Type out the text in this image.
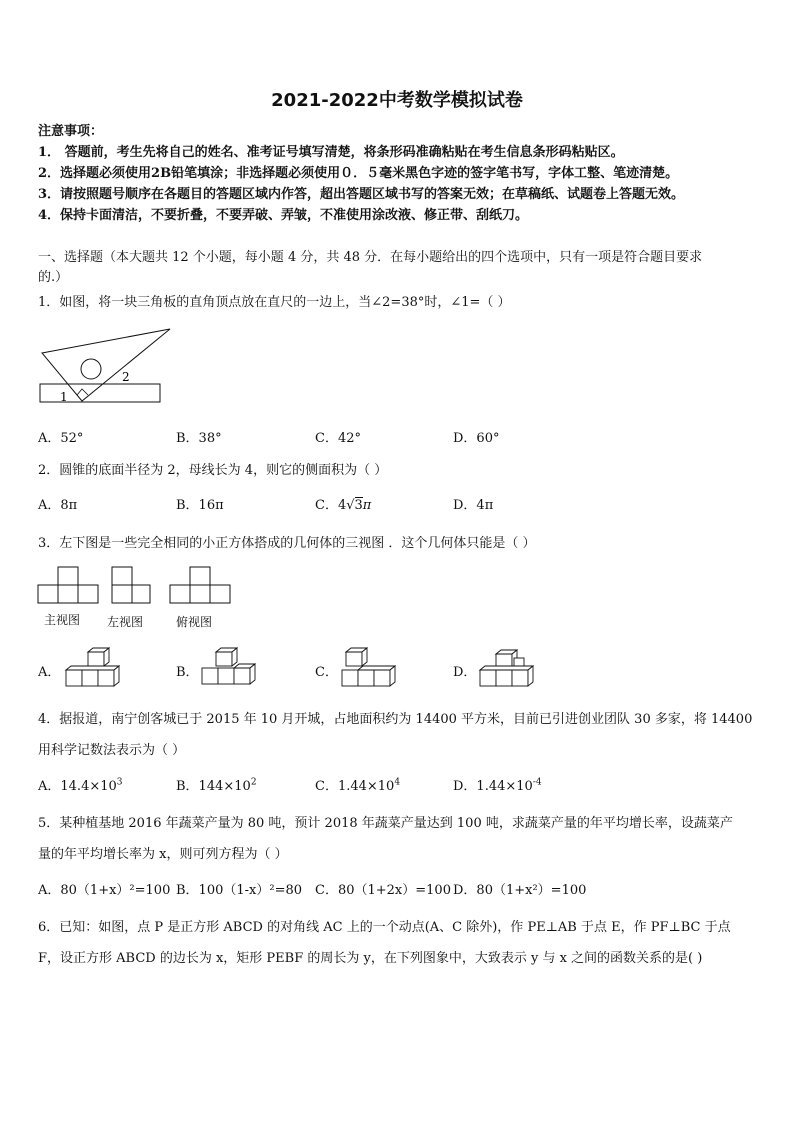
2021-2022中考数学模拟试卷
注意事项：
1． 答题前，考生先将自己的姓名、准考证号填写清楚，将条形码准确粘贴在考生信息条形码粘贴区。
2．选择题必须使用2B铅笔填涂；非选择题必须使用０．５毫米黑色字迹的签字笔书写，字体工整、笔迹清楚。
3．请按照题号顺序在各题目的答题区域内作答，超出答题区域书写的答案无效；在草稿纸、试题卷上答题无效。
4．保持卡面清洁，不要折叠，不要弄破、弄皱，不准使用涂改液、修正带、刮纸刀。
一、选择题（本大题共 12 个小题，每小题 4 分，共 48 分．在每小题给出的四个选项中，只有一项是符合题目要求
的.）
1．如图，将一块三角板的直角顶点放在直尺的一边上，当∠2=38°时，∠1=（ ）
1
2
A．52°	B．38°	C．42°	D．60°
2．圆锥的底面半径为 2，母线长为 4，则它的侧面积为（ ）
A．8π	B．16π	C．4√3π	D．4π
3．左下图是一些完全相同的小正方体搭成的几何体的三视图 ．这个几何体只能是（ ）
主视图 左视图	俯视图
A．	B．	C．	D．
4．据报道，南宁创客城已于 2015 年 10 月开城，占地面积约为 14400 平方米，目前已引进创业团队 30 多家，将 14400
用科学记数法表示为（ ）
A．$14.4\times 10^3$	B．$144\times 10^2$	C．$1.44\times 10^4$	D．$1.44\times 10^{-4}$
5．某种植基地 2016 年蔬菜产量为 80 吨，预计 2018 年蔬菜产量达到 100 吨，求蔬菜产量的年平均增长率，设蔬菜产
量的年平均增长率为 x，则可列方程为（ ）
A．80（1+x）²=100 B．100（1-x）²=80 C．80（1+2x）=100 D．80（1+x²）=100
6．已知：如图，点 P 是正方形 ABCD 的对角线 AC 上的一个动点(A、C 除外)，作 PE⊥AB 于点 E，作 PF⊥BC 于点
F，设正方形 ABCD 的边长为 x，矩形 PEBF 的周长为 y，在下列图象中，大致表示 y 与 x 之间的函数关系的是( )
